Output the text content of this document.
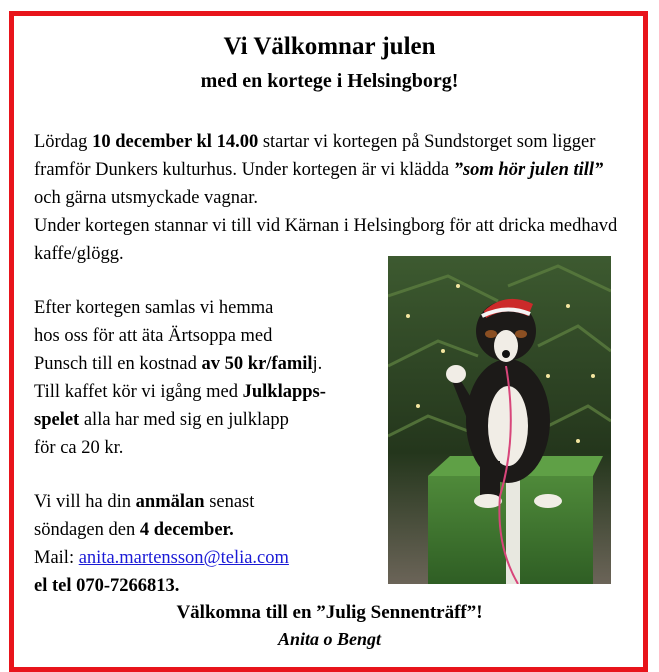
Vi Välkomnar julen
med en kortege i Helsingborg!
Lördag 10 december kl 14.00 startar vi kortegen på Sundstorget som ligger framför Dunkers kulturhus. Under kortegen är vi klädda ”som hör julen till” och gärna utsmyckade vagnar.
Under kortegen stannar vi till vid Kärnan i Helsingborg för att dricka medhavd kaffe/glögg.
Efter kortegen samlas vi hemma
hos oss för att äta Ärtsoppa med
Punsch till en kostnad av 50 kr/familj.
Till kaffet kör vi igång med Julklapps-
spelet alla har med sig en julklapp
för ca 20 kr.
Vi vill ha din anmälan senast
söndagen den 4 december.
Mail: anita.martensson@telia.com
el tel 070-7266813.
Välkomna till en ”Julig Sennenträff”!
Anita o Bengt
